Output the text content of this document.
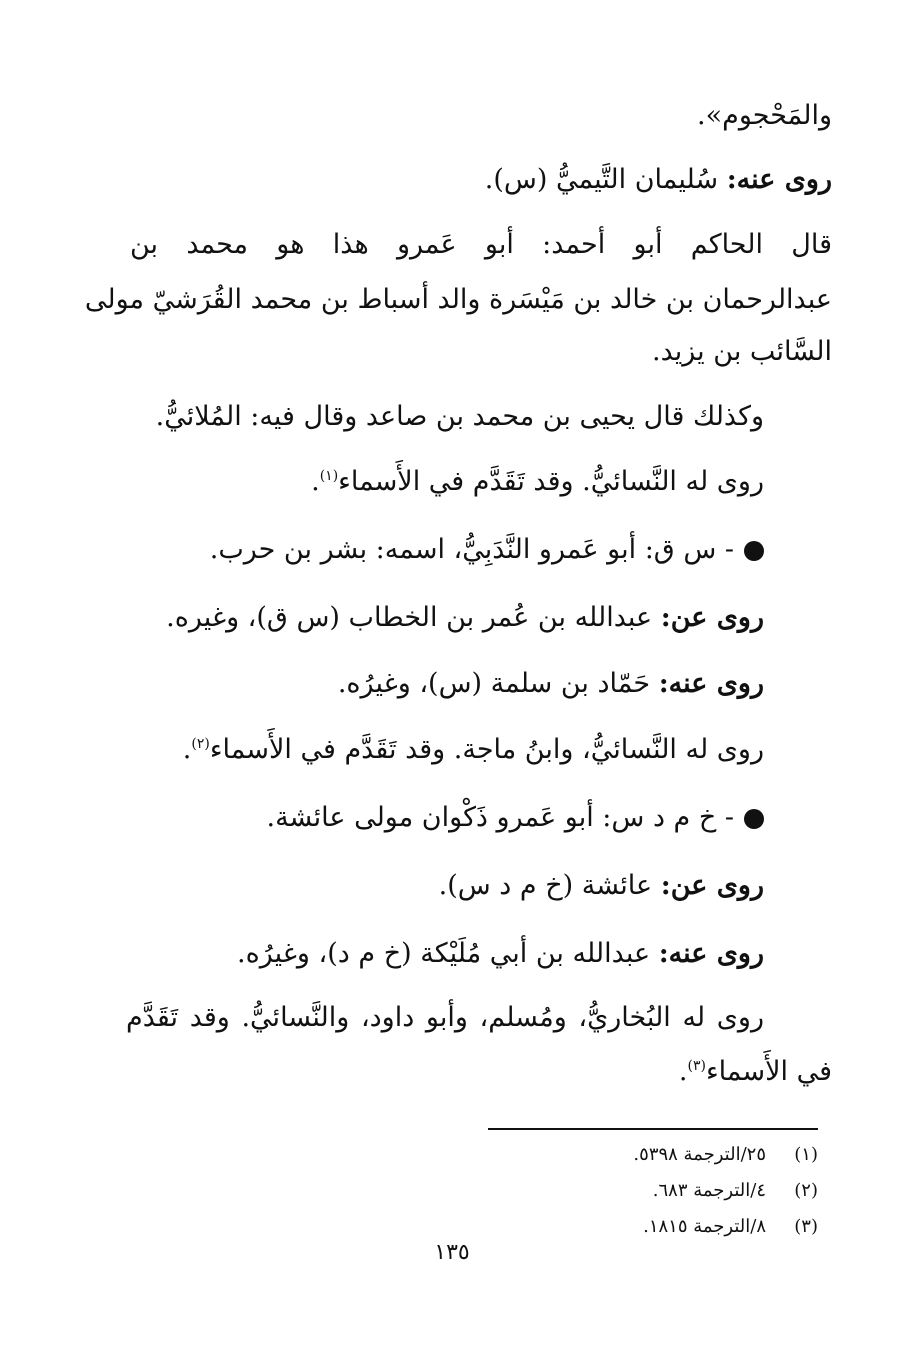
والمَحْجوم».
روى عنه: سُليمان التَّيميُّ (س).
قال الحاكم أبو أحمد: أبو عَمرو هذا هو محمد بن
عبدالرحمان بن خالد بن مَيْسَرة والد أسباط بن محمد القُرَشيّ مولى
السَّائب بن يزيد.
وكذلك قال يحيى بن محمد بن صاعد وقال فيه: المُلائيُّ.
روى له النَّسائيُّ. وقد تَقَدَّم في الأَسماء$^{(١)}$.
- س ق: أبو عَمرو النَّدَبِيُّ، اسمه: بشر بن حرب.
روى عن: عبدالله بن عُمر بن الخطاب (س ق)، وغيره.
روى عنه: حَمّاد بن سلمة (س)، وغيرُه.
روى له النَّسائيُّ، وابنُ ماجة. وقد تَقَدَّم في الأَسماء$^{(٢)}$.
- خ م د س: أبو عَمرو ذَكْوان مولى عائشة.
روى عن: عائشة (خ م د س).
روى عنه: عبدالله بن أبي مُلَيْكة (خ م د)، وغيرُه.
روى له البُخاريُّ، ومُسلم، وأبو داود، والنَّسائيُّ. وقد تَقَدَّم
في الأَسماء$^{(٣)}$.
(١)٢٥/الترجمة ٥٣٩٨.
(٢)٤/الترجمة ٦٨٣.
(٣)٨/الترجمة ١٨١٥.
١٣٥
